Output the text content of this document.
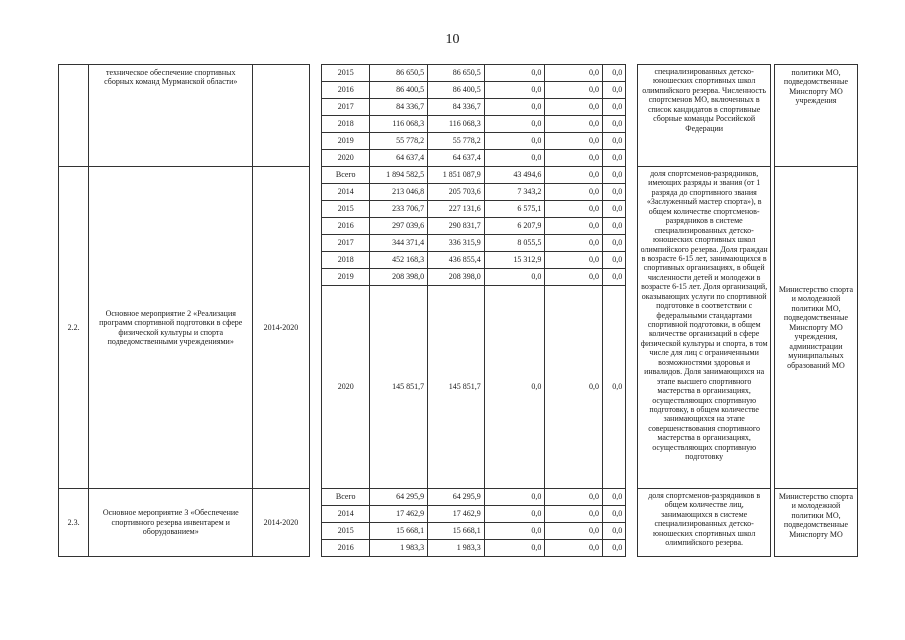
10
	техническое обеспечение спортивных сборных команд Мурманской области»			2015	86 650,5	86 650,5	0,0	0,0	0,0		специализированных детско-юношеских спортивных школ олимпийского резерва. Численность спортсменов МО, включенных в список кандидатов в спортивные сборные команды Российской Федерации		политики МО, подведомственные Минспорту МО учреждения
				2016	86 400,5	86 400,5	0,0	0,0	0,0				
				2017	84 336,7	84 336,7	0,0	0,0	0,0				
				2018	116 068,3	116 068,3	0,0	0,0	0,0				
				2019	55 778,2	55 778,2	0,0	0,0	0,0				
				2020	64 637,4	64 637,4	0,0	0,0	0,0				
2.2.	Основное мероприятие 2 «Реализация программ спортивной подготовки в сфере физической культуры и спорта подведомственными учреждениями»	2014-2020		Всего	1 894 582,5	1 851 087,9	43 494,6	0,0	0,0		доля спортсменов-разрядников, имеющих разряды и звания (от 1 разряда до спортивного звания «Заслуженный мастер спорта»), в общем количестве спортсменов-разрядников в системе специализированных детско-юношеских спортивных школ олимпийского резерва. Доля граждан в возрасте 6-15 лет, занимающихся в спортивных организациях, в общей численности детей и молодежи в возрасте 6-15 лет. Доля организаций, оказывающих услуги по спортивной подготовке в соответствии с федеральными стандартами спортивной подготовки, в общем количестве организаций в сфере физической культуры и спорта, в том числе для лиц с ограниченными возможностями здоровья и инвалидов. Доля занимающихся на этапе высшего спортивного мастерства в организациях, осуществляющих спортивную подготовку, в общем количестве занимающихся на этапе совершенствования спортивного мастерства в организациях, осуществляющих спортивную подготовку		Министерство спорта и молодежной политики МО, подведомственные Минспорту МО учреждения, администрации муниципальных образований МО
				2014	213 046,8	205 703,6	7 343,2	0,0	0,0				
				2015	233 706,7	227 131,6	6 575,1	0,0	0,0				
				2016	297 039,6	290 831,7	6 207,9	0,0	0,0				
				2017	344 371,4	336 315,9	8 055,5	0,0	0,0				
				2018	452 168,3	436 855,4	15 312,9	0,0	0,0				
				2019	208 398,0	208 398,0	0,0	0,0	0,0				
				2020	145 851,7	145 851,7	0,0	0,0	0,0				
2.3.	Основное мероприятие 3 «Обеспечение спортивного резерва инвентарем и оборудованием»	2014-2020		Всего	64 295,9	64 295,9	0,0	0,0	0,0		доля спортсменов-разрядников в общем количестве лиц, занимающихся в системе специализированных детско-юношеских спортивных школ олимпийского резерва.		Министерство спорта и молодежной политики МО, подведомственные Минспорту МО
				2014	17 462,9	17 462,9	0,0	0,0	0,0				
				2015	15 668,1	15 668,1	0,0	0,0	0,0				
				2016	1 983,3	1 983,3	0,0	0,0	0,0				
